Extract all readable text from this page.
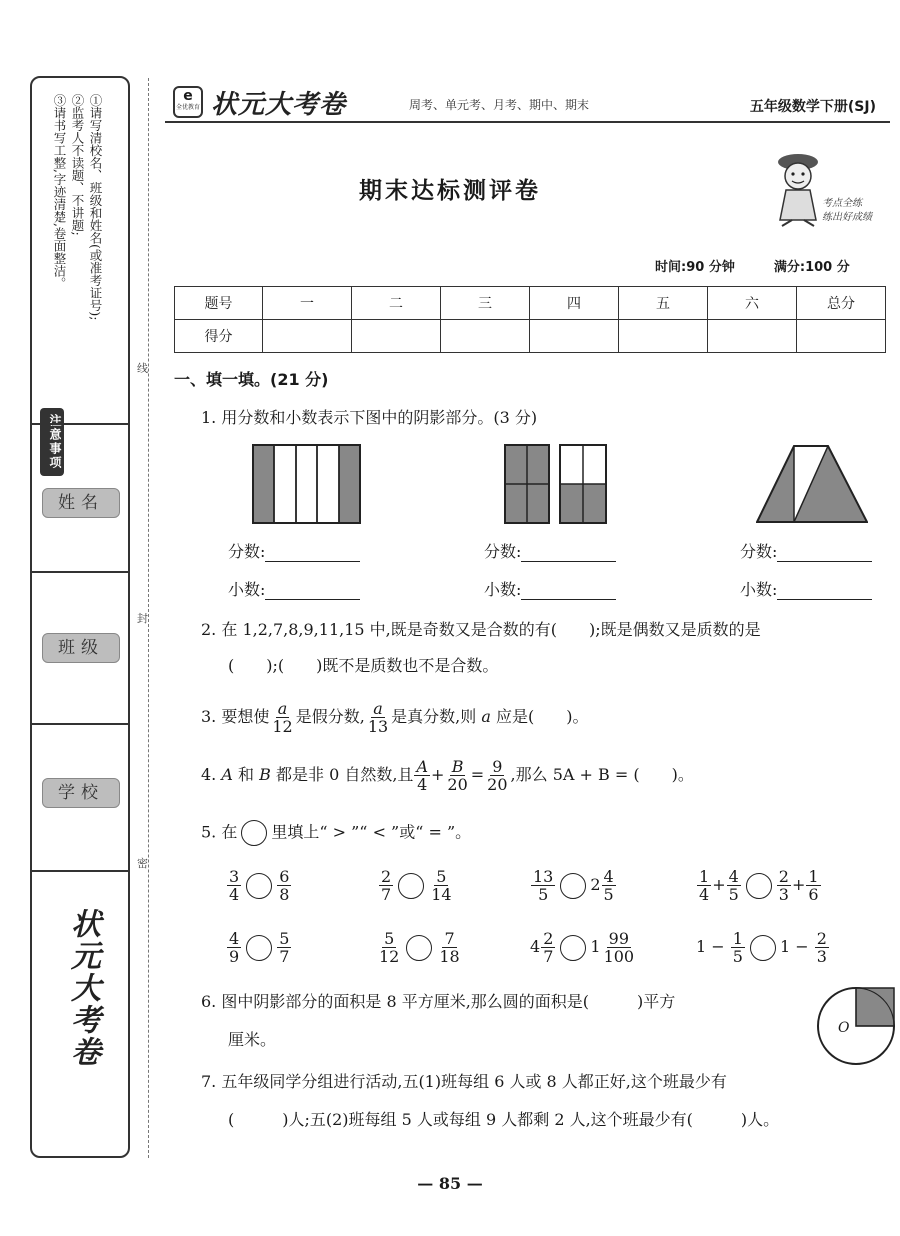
注意事项
①请写清校名、班级和姓名(或准考证号);
②监考人不读题、不讲题;
③请书写工整,字迹清楚,卷面整洁。
姓名
班级
学校
状元大考卷
线
封
密
e
全优教育 状元大考卷	周考、单元考、月考、期中、期末	五年级数学下册(SJ)
期末达标测评卷	考点全练
练出好成绩
时间:90 分钟	满分:100 分
题号	一	二	三	四	五	六	总分
得分							
一、填一填。(21 分)
1. 用分数和小数表示下图中的阴影部分。(3 分)
分数:	分数:	分数:
小数:	小数:	小数:
2. 在 1,2,7,8,9,11,15 中,既是奇数又是合数的有(　　);既是偶数又是质数的是
(　　);(　　)既不是质数也不是合数。
3. 要想使 $\frac{a}{12}$ 是假分数, $\frac{a}{13}$ 是真分数,则 a 应是(　　)。
4. A 和 B 都是非 0 自然数,且 $\frac{A}{4} + \frac{B}{20} = \frac{9}{20}$ ,那么 5A + B = (　　)。
5. 在 里填上“ > ”“ < ”或“ = ”。
$\frac{3}{4} \frac{6}{8}$	$\frac{2}{7} \frac{5}{14}$	$\frac{13}{5} 2 \frac{4}{5}$	$\frac{1}{4} + \frac{4}{5} \frac{2}{3} + \frac{1}{6}$
$\frac{4}{9} \frac{5}{7}$	$\frac{5}{12} \frac{7}{18}$	$4 \frac{2}{7} 1 \frac{99}{100}$	$1 - \frac{1}{5} 1 - \frac{2}{3}$
6. 图中阴影部分的面积是 8 平方厘米,那么圆的面积是(　　　)平方
厘米。
O
7. 五年级同学分组进行活动,五(1)班每组 6 人或 8 人都正好,这个班最少有
(　　　)人;五(2)班每组 5 人或每组 9 人都剩 2 人,这个班最少有(　　　)人。
— 85 —
